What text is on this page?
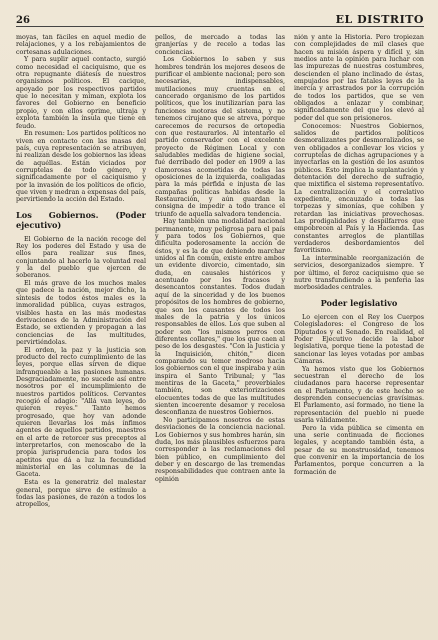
26	EL DISTRITO

moyas, tan fáciles en aquel medio de relajaciones, y a los rebajamientos de cortesanas adulaciones.

Y para suplir aquel contacto, surgió como necesidad el caciquismo, que es otra repugnante diátesis de nuestros organismos políticos. El cacique, apoyado por los respectivos partidos que lo necesitan y miman, explota los favores del Gobierno en beneficio propio, y con ellos oprime, ultraja y explota también la ínsula que tiene en feudo.

En resumen: Los partidos políticos no viven en contacto con las masas del país, cuya representación se atribuyen, ni realizan desde los gobiernos las ideas de aquéllas. Están viciados por corruptelas de todo género, y significadamente por el caciquismo y por la invasión de los políticos de oficio, que viven y medran a expensas del país, pervirtiendo la acción del Estado.

Los Gobiernos. (Poder ejecutivo)

El Gobierno de la nación recoge del Rey los poderes del Estado y usa de ellos para realizar sus fines, conjuntando al hacerlo la voluntad real y la del pueblo que ejercen de soberanos.

El más grave de los muchos males que padece la nación, mejor dicho, la síntesis de todos éstos males es la inmoralidad pública, cuyas estragos, visibles hasta en las más modestas derivaciones de la Administración del Estado, se extienden y propagan a las conciencias de las multitudes, pervirtiéndolas.

El orden, la paz y la justicia son producto del recto cumplimiento de las leyes, porque ellas sirven de dique infranqueable a las pasiones humanas. Desgraciadamente, no sucede así entre nosotros por el incumplimiento de nuestros partidos políticos. Cervantes recogió el adagio: "Allá van leyes, do quieren reyes." Tanto hemos progresado, que hoy van adonde quieren llevarlas los más ínfimos agentes de aquellos partidos, maestros en el arte de retorcer sus preceptos al interpretarlos, con menoscabo de la propia jurisprudencia para todos los apetitos que dá a luz la fecundidad ministerial en las columnas de la Gaceta.

Esta es la generatriz del malestar general, porque sirve de estímulo a todas las pasiones, de razón a todos los atropellos,

pellos, de mercado a todas las granjerías y de recelo a todas las conciencias.

Los Gobiernos lo saben y sus hombres tendrán los mejores deseos de purificar el ambiente nacional; pero son necesarias, indispensables, mutilaciones muy cruentas en el cancerado organismo de los partidos políticos, que los inutilizarían para las funciones motoras del sistema, y no tenemos cirujano que se atreva, porque carecemos de recursos de ortopedia con que restaurarlos. Al intentarlo el partido conservador con el excelente proyecto de Régimen Local y con saludables medidas de higiene social, fué derribado del poder en 1909 a las clamorosas acometidas de todas las oposiciones de la izquierda, coaligadas para la más pérfida e injusta de las campañas políticas habidas desde la Restauración, y aún guardan la consigna de impedir a todo trance el triunfo de aquella salvadora tendencia.

Hay también una modalidad nacional permanente, muy peligrosa para el país y para todos los Gobiernos, que dificulta poderosamente la acción de éstos, y es la de que debiendo marchar unidos al fin común, existe entre ambos un evidente divorcio, cimentado, sin duda, en causales históricos y acentuado por los fracasos y desencantos constantes. Todos dudan aquí de la sinceridad y de los buenos propósitos de los hombres de gobierno, que son los causantes de todos los males de la patria y los únicos responsables de ellos. Los que suben al poder son "los mismos perros con diferentes collares," que los que caen al peso de los desgastes. "Con la Justicia y la Inquisición, chitón," dicen comparando su temor medroso hacia los gobiernos con el que inspiraba y aún inspira el Santo Tribunal; y "las mentiras de la Gaceta," proverbiales también, son exteriorizaciones elocuentes todas de que las multitudes sienten incoerente desamor y recelosa desconfianza de nuestros Gobiernos.

No participamos nosotros de estas desviaciones de la conciencia nacional. Los Gobiernos y sus hombres harán, sin duda, los más plausibles esfuerzos para corresponder a las reclamaciones del bien público, en cumplimiento del deber y en descargo de las tremendas responsabilidades que contraen ante la opinión

nión y ante la Historia. Pero tropiezan con complejidades de mil clases que hacen su misión áspera y difícil y, sin medios ante la opinión para luchar con las impurezas de nuestras costumbres, descienden el plano inclinado de éstas, empujados por las fatales leyes de la inercia y arrastrados por la corrupción de todos los partidos, que se ven obligados a enlazar y combinar, significadamente del que los elevó al poder del que son prisioneros.

Conocemos: Nuestros Gobiernos, salidos de partidos políticos desmoralizantes por desmoralizados, se ven obligados a conllevar los vicios y corruptelas de dichas agrupaciones y a inyectarlas en la gestión de los asuntos públicos. Esto implica la suplantación y detentación del derecho de sufragio, que mixtifica el sistema representativo. La centralización y el correlativo expediente, encauzado a todas las torpezas y simonías, que cohíben y retardan las iniciativas provechosas. Las prodigalidades y despilfarros que empobrecen al País y la Hacienda. Las constantes arreglos de plantillas verdaderos desbordamientos del favoritismo.

La interminable reorganización de servicios, desorganizados siempre. Y por último, el feroz caciquismo que se nutre transfundiendo a la penferia las morbosidades centrales.

Poder legislativo

Lo ejercen con el Rey los Cuerpos Colegisladores: el Congreso de los Diputados y el Senado. En realidad, el Poder Ejecutivo decide la labor legislativa, porque tiene la potestad de sancionar las leyes votadas por ambas Cámaras.

Ya hemos visto que los Gobiernos secuestran el derecho de los ciudadanos para hacerse representar en el Parlamento, y de este hecho se desprenden consecuencias gravísimas. El Parlamento, así formado, no tiene la representación del pueblo ni puede usarla válidamente.

Pero la vida pública se cimenta en una serie continuada de ficciones legales, y aceptando también ésta, a pesar de su monstruosidad, tenemos que convenir en la importancia de los Parlamentos, porque concurren a la formación de
